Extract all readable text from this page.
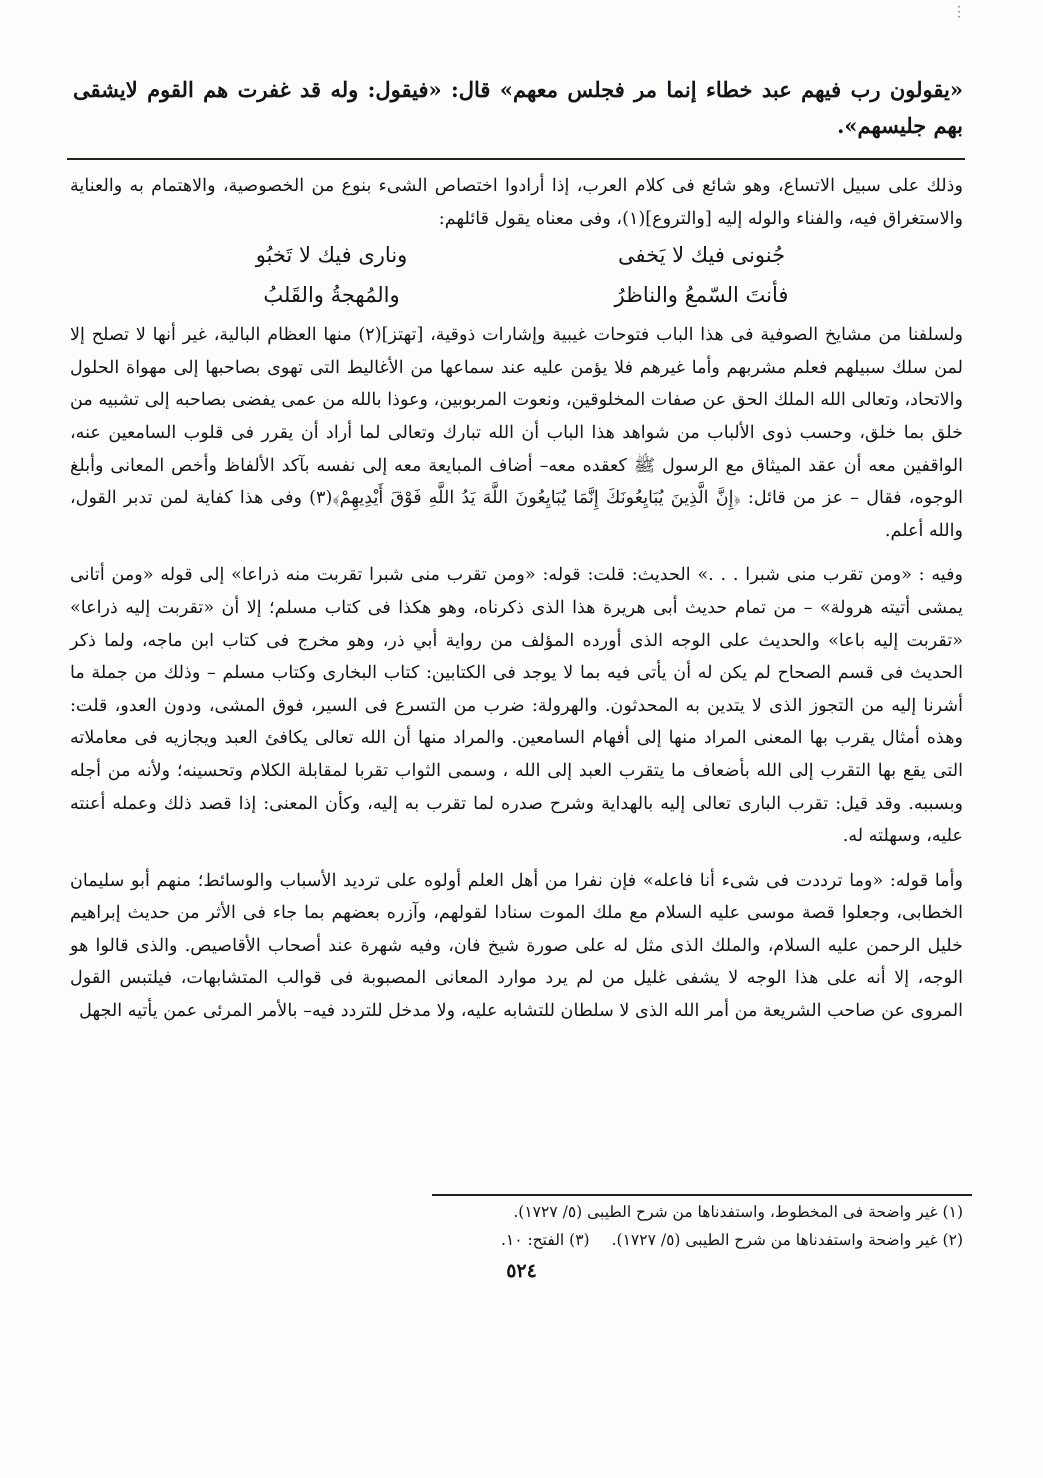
⋮
«يقولون رب فيهم عبد خطاء إنما مر فجلس معهم» قال: «فيقول: وله قد غفرت هم القوم لايشقى بهم جليسهم».

وذلك على سبيل الاتساع، وهو شائع فى كلام العرب، إذا أرادوا اختصاص الشىء بنوع من الخصوصية، والاهتمام به والعناية والاستغراق فيه، والفناء والوله إليه [والتروع](١)، وفى معناه يقول قائلهم:

جُنونى فيك لا يَخفى
ونارى فيك لا تَخبُو
فأنتَ السّمعُ والناظرُ
والمُهجةُ والقَلبُ

ولسلفنا من مشايخ الصوفية فى هذا الباب فتوحات غيبية وإشارات ذوقية، [تهتز](٢) منها العظام البالية، غير أنها لا تصلح إلا لمن سلك سبيلهم فعلم مشربهم وأما غيرهم فلا يؤمن عليه عند سماعها من الأغاليط التى تهوى بصاحبها إلى مهواة الحلول والاتحاد، وتعالى الله الملك الحق عن صفات المخلوقين، ونعوت المربوبين، وعوذا بالله من عمى يفضى بصاحبه إلى تشبيه من خلق بما خلق، وحسب ذوى الألباب من شواهد هذا الباب أن الله تبارك وتعالى لما أراد أن يقرر فى قلوب السامعين عنه، الواقفين معه أن عقد الميثاق مع الرسول ﷺ كعقده معه– أضاف المبايعة معه إلى نفسه بآكد الألفاظ وأخص المعانى وأبلغ الوجوه، فقال – عز من قائل: ﴿إِنَّ الَّذِينَ يُبَايِعُونَكَ إِنَّمَا يُبَايِعُونَ اللَّهَ يَدُ اللَّهِ فَوْقَ أَيْدِيهِمْ﴾(٣) وفى هذا كفاية لمن تدبر القول، والله أعلم.

وفيه : «ومن تقرب منى شبرا . . .» الحديث: قلت: قوله: «ومن تقرب منى شبرا تقربت منه ذراعا» إلى قوله «ومن أتانى يمشى أتيته هرولة» – من تمام حديث أبى هريرة هذا الذى ذكرناه، وهو هكذا فى كتاب مسلم؛ إلا أن «تقربت إليه ذراعا» «تقربت إليه باعا» والحديث على الوجه الذى أورده المؤلف من رواية أبي ذر، وهو مخرج فى كتاب ابن ماجه، ولما ذكر الحديث فى قسم الصحاح لم يكن له أن يأتى فيه بما لا يوجد فى الكتابين: كتاب البخارى وكتاب مسلم – وذلك من جملة ما أشرنا إليه من التجوز الذى لا يتدين به المحدثون. والهرولة: ضرب من التسرع فى السير، فوق المشى، ودون العدو، قلت: وهذه أمثال يقرب بها المعنى المراد منها إلى أفهام السامعين. والمراد منها أن الله تعالى يكافئ العبد ويجازيه فى معاملاته التى يقع بها التقرب إلى الله بأضعاف ما يتقرب العبد إلى الله ، وسمى الثواب تقربا لمقابلة الكلام وتحسينه؛ ولأنه من أجله وبسببه. وقد قيل: تقرب البارى تعالى إليه بالهداية وشرح صدره لما تقرب به إليه، وكأن المعنى: إذا قصد ذلك وعمله أعنته عليه، وسهلته له.

وأما قوله: «وما ترددت فى شىء أنا فاعله» فإن نفرا من أهل العلم أولوه على ترديد الأسباب والوسائط؛ منهم أبو سليمان الخطابى، وجعلوا قصة موسى عليه السلام مع ملك الموت سنادا لقولهم، وآزره بعضهم بما جاء فى الأثر من حديث إبراهيم خليل الرحمن عليه السلام، والملك الذى مثل له على صورة شيخ فان، وفيه شهرة عند أصحاب الأقاصيص. والذى قالوا هو الوجه، إلا أنه على هذا الوجه لا يشفى غليل من لم يرد موارد المعانى المصبوبة فى قوالب المتشابهات، فيلتبس القول المروى عن صاحب الشريعة من أمر الله الذى لا سلطان للتشابه عليه، ولا مدخل للتردد فيه– بالأمر المرئى عمن يأتيه الجهل

(١) غير واضحة فى المخطوط، واستفدناها من شرح الطيبى (٥/ ١٧٢٧).
(٢) غير واضحة واستفدناها من شرح الطيبى (٥/ ١٧٢٧).(٣) الفتح: ١٠.
٥٢٤
